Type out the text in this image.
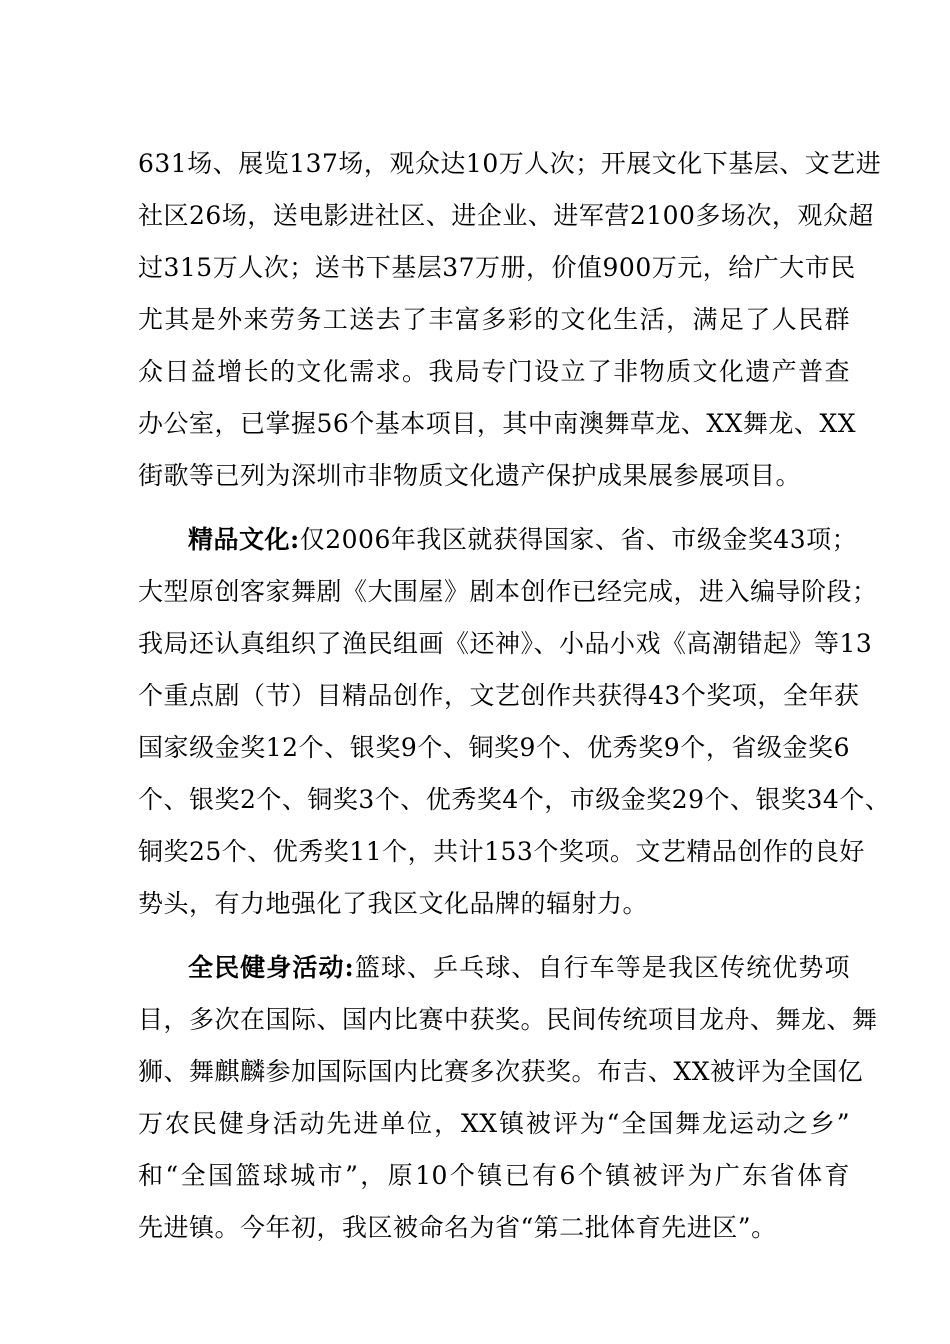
631场、展览137场，观众达10万人次；开展文化下基层、文艺进
社区26场，送电影进社区、进企业、进军营2100多场次，观众超
过315万人次；送书下基层37万册，价值900万元，给广大市民
尤其是外来劳务工送去了丰富多彩的文化生活，满足了人民群
众日益增长的文化需求。我局专门设立了非物质文化遗产普查
办公室，已掌握56个基本项目，其中南澳舞草龙、XX舞龙、XX
街歌等已列为深圳市非物质文化遗产保护成果展参展项目。
精品文化:仅2006年我区就获得国家、省、市级金奖43项；
大型原创客家舞剧《大围屋》剧本创作已经完成，进入编导阶段；
我局还认真组织了渔民组画《还神》、小品小戏《高潮错起》等13
个重点剧（节）目精品创作，文艺创作共获得43个奖项，全年获
国家级金奖12个、银奖9个、铜奖9个、优秀奖9个，省级金奖6
个、银奖2个、铜奖3个、优秀奖4个，市级金奖29个、银奖34个、
铜奖25个、优秀奖11个，共计153个奖项。文艺精品创作的良好
势头，有力地强化了我区文化品牌的辐射力。
全民健身活动:篮球、乒乓球、自行车等是我区传统优势项
目，多次在国际、国内比赛中获奖。民间传统项目龙舟、舞龙、舞
狮、舞麒麟参加国际国内比赛多次获奖。布吉、XX被评为全国亿
万农民健身活动先进单位，XX镇被评为“全国舞龙运动之乡”
和“全国篮球城市”，原10个镇已有6个镇被评为广东省体育
先进镇。今年初，我区被命名为省“第二批体育先进区”。
